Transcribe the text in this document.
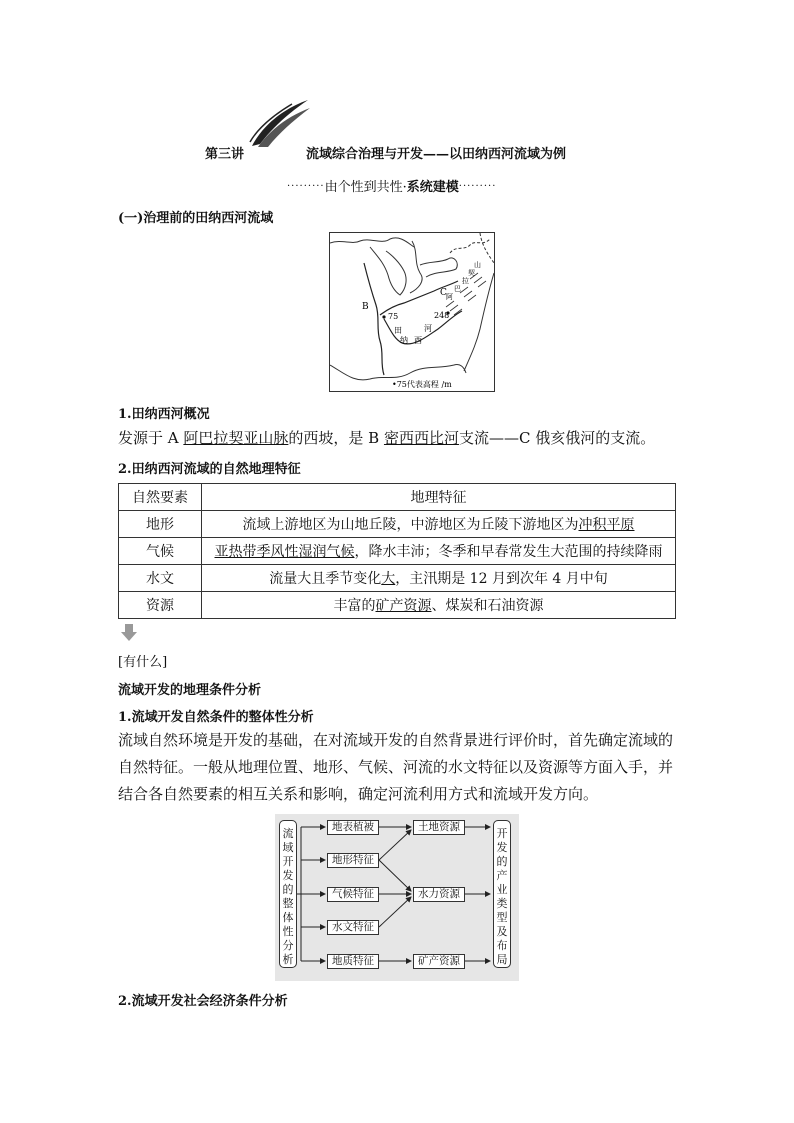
第三讲	流域综合治理与开发——以田纳西河流域为例
·········由个性到共性·系统建模·········
(一)治理前的田纳西河流域
B
C
75	248
田
纳 西
河
阿
巴
拉
契
山
•75代表高程 /m
1.田纳西河概况
发源于 A 阿巴拉契亚山脉的西坡，是 B 密西西比河支流——C 俄亥俄河的支流。
2.田纳西河流域的自然地理特征
自然要素	地理特征
地形	流域上游地区为山地丘陵，中游地区为丘陵下游地区为冲积平原
气候	亚热带季风性湿润气候，降水丰沛；冬季和早春常发生大范围的持续降雨
水文	流量大且季节变化大，主汛期是 12 月到次年 4 月中旬
资源	丰富的矿产资源、煤炭和石油资源
[有什么]
流域开发的地理条件分析
1.流域开发自然条件的整体性分析
流域自然环境是开发的基础，在对流域开发的自然背景进行评价时，首先确定流域的自然特征。一般从地理位置、地形、气候、河流的水文特征以及资源等方面入手，并结合各自然要素的相互关系和影响，确定河流利用方式和流域开发方向。
流域开发的整体性分析
开发的产业类型及布局
地表植被
地形特征
气候特征
水文特征
地质特征
土地资源
水力资源
矿产资源
2.流域开发社会经济条件分析
